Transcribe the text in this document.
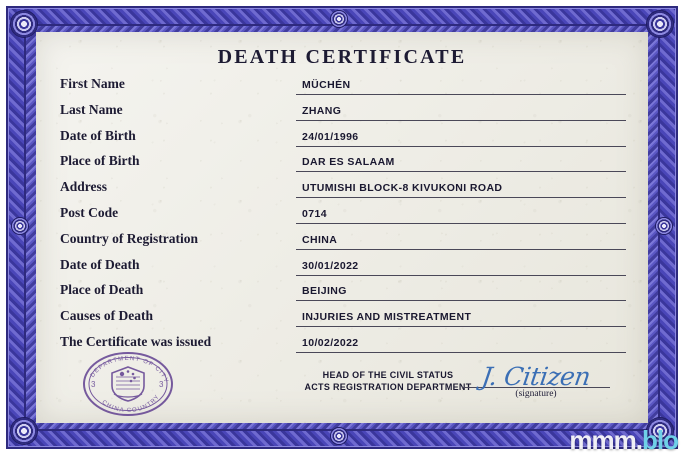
DEATH CERTIFICATE
First Name	MÜCHÉN
Last Name	ZHANG
Date of Birth	24/01/1996
Place of Birth	DAR ES SALAAM
Address	UTUMISHI BLOCK-8 KIVUKONI ROAD
Post Code	0714
Country of Registration	CHINA
Date of Death	30/01/2022
Place of Death	BEIJING
Causes of Death	INJURIES AND MISTREATMENT
The Certificate was issued	10/02/2022
HEAD OF THE CIVIL STATUS
ACTS REGISTRATION DEPARTMENT J. Citizen
(signature)
DEPARTMENT OF CITY
CHINA COUNTRY
3	3
mmm.blo
